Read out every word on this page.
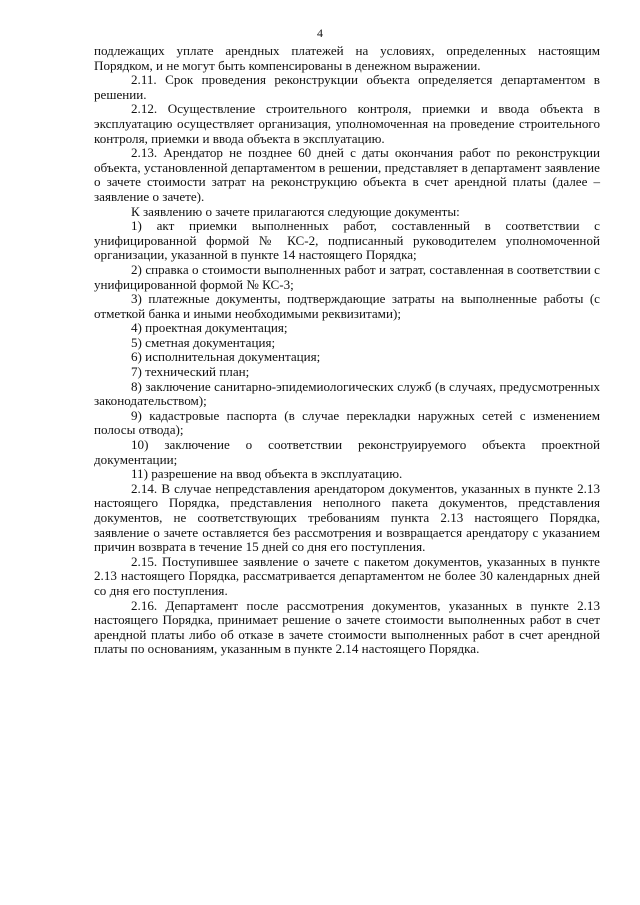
4

подлежащих уплате арендных платежей на условиях, определенных настоящим Порядком, и не могут быть компенсированы в денежном выражении.

2.11. Срок проведения реконструкции объекта определяется департаментом в решении.

2.12. Осуществление строительного контроля, приемки и ввода объекта в эксплуатацию осуществляет организация, уполномоченная на проведение строительного контроля, приемки и ввода объекта в эксплуатацию.

2.13. Арендатор не позднее 60 дней с даты окончания работ по реконструкции объекта, установленной департаментом в решении, представляет в департамент заявление о зачете стоимости затрат на реконструкцию объекта в счет арендной платы (далее – заявление о зачете).

К заявлению о зачете прилагаются следующие документы:

1) акт приемки выполненных работ, составленный в соответствии с унифицированной формой № КС-2, подписанный руководителем уполномоченной организации, указанной в пункте 14 настоящего Порядка;

2) справка о стоимости выполненных работ и затрат, составленная в соответствии с унифицированной формой № КС-3;

3) платежные документы, подтверждающие затраты на выполненные работы (с отметкой банка и иными необходимыми реквизитами);

4) проектная документация;

5) сметная документация;

6) исполнительная документация;

7) технический план;

8) заключение санитарно-эпидемиологических служб (в случаях, предусмотренных законодательством);

9) кадастровые паспорта (в случае перекладки наружных сетей с изменением полосы отвода);

10) заключение о соответствии реконструируемого объекта проектной документации;

11) разрешение на ввод объекта в эксплуатацию.

2.14. В случае непредставления арендатором документов, указанных в пункте 2.13 настоящего Порядка, представления неполного пакета документов, представления документов, не соответствующих требованиям пункта 2.13 настоящего Порядка, заявление о зачете оставляется без рассмотрения и возвращается арендатору с указанием причин возврата в течение 15 дней со дня его поступления.

2.15. Поступившее заявление о зачете с пакетом документов, указанных в пункте 2.13 настоящего Порядка, рассматривается департаментом не более 30 календарных дней со дня его поступления.

2.16. Департамент после рассмотрения документов, указанных в пункте 2.13 настоящего Порядка, принимает решение о зачете стоимости выполненных работ в счет арендной платы либо об отказе в зачете стоимости выполненных работ в счет арендной платы по основаниям, указанным в пункте 2.14 настоящего Порядка.
